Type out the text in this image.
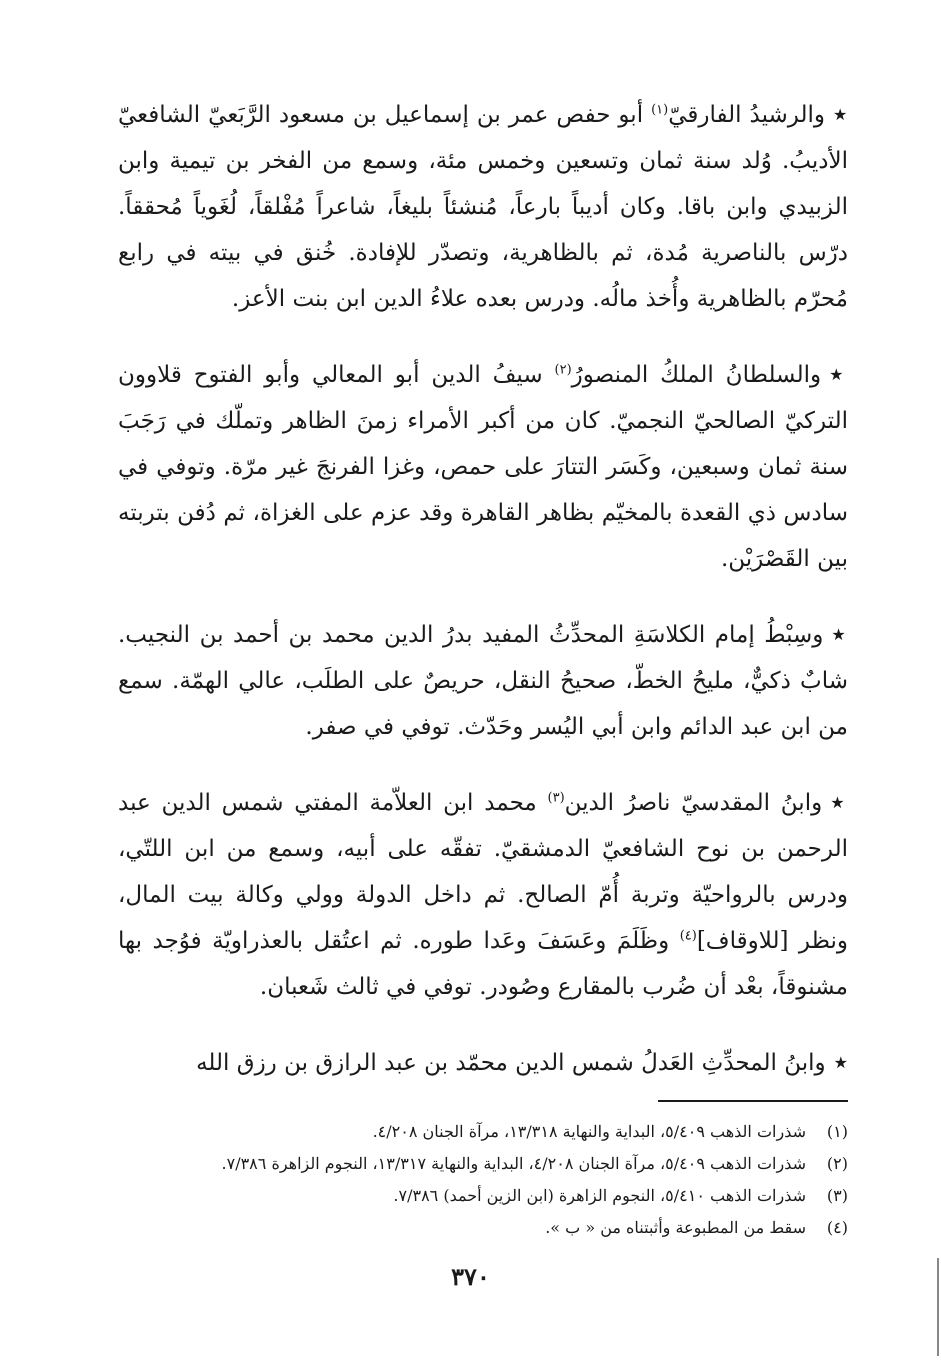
★والرشيدُ الفارقيّ$^{(١)}$ أبو حفص عمر بن إسماعيل بن مسعود الرَّبَعيّ الشافعيّ الأديبُ. وُلد سنة ثمان وتسعين وخمس مئة، وسمع من الفخر بن تيمية وابن الزبيدي وابن باقا. وكان أديباً بارعاً، مُنشئاً بليغاً، شاعراً مُفْلقاً، لُغَوياً مُحققاً. درّس بالناصرية مُدة، ثم بالظاهرية، وتصدّر للإفادة. خُنق في بيته في رابع مُحرّم بالظاهرية وأُخذ مالُه. ودرس بعده علاءُ الدين ابن بنت الأعز.

★والسلطانُ الملكُ المنصورُ$^{(٢)}$ سيفُ الدين أبو المعالي وأبو الفتوح قلاوون التركيّ الصالحيّ النجميّ. كان من أكبر الأمراء زمنَ الظاهر وتملّك في رَجَبَ سنة ثمان وسبعين، وكَسَر التتارَ على حمص، وغزا الفرنجَ غير مرّة. وتوفي في سادس ذي القعدة بالمخيّم بظاهر القاهرة وقد عزم على الغزاة، ثم دُفن بتربته بين القَصْرَيْن.

★وسِبْطُ إمام الكلاسَةِ المحدِّثُ المفيد بدرُ الدين محمد بن أحمد بن النجيب. شابٌ ذكيٌّ، مليحُ الخطّ، صحيحُ النقل، حريصٌ على الطلَب، عالي الهمّة. سمع من ابن عبد الدائم وابن أبي اليُسر وحَدّث. توفي في صفر.

★وابنُ المقدسيّ ناصرُ الدين$^{(٣)}$ محمد ابن العلاّمة المفتي شمس الدين عبد الرحمن بن نوح الشافعيّ الدمشقيّ. تفقّه على أبيه، وسمع من ابن اللتّي، ودرس بالرواحيّة وتربة أُمّ الصالح. ثم داخل الدولة وولي وكالة بيت المال، ونظر [للاوقاف]$^{(٤)}$ وظَلَمَ وعَسَفَ وعَدا طوره. ثم اعتُقل بالعذراويّة فوُجد بها مشنوقاً، بعْد أن ضُرب بالمقارع وصُودر. توفي في ثالث شَعبان.

★وابنُ المحدِّثِ العَدلُ شمس الدين محمّد بن عبد الرازق بن رزق الله

(١)
شذرات الذهب ٥/٤٠٩، البداية والنهاية ١٣/٣١٨، مرآة الجنان ٤/٢٠٨.
(٢)
شذرات الذهب ٥/٤٠٩، مرآة الجنان ٤/٢٠٨، البداية والنهاية ١٣/٣١٧، النجوم الزاهرة ٧/٣٨٦.
(٣)
شذرات الذهب ٥/٤١٠، النجوم الزاهرة (ابن الزين أحمد) ٧/٣٨٦.
(٤)
سقط من المطبوعة وأثبتناه من « ب ».
٣٧٠
